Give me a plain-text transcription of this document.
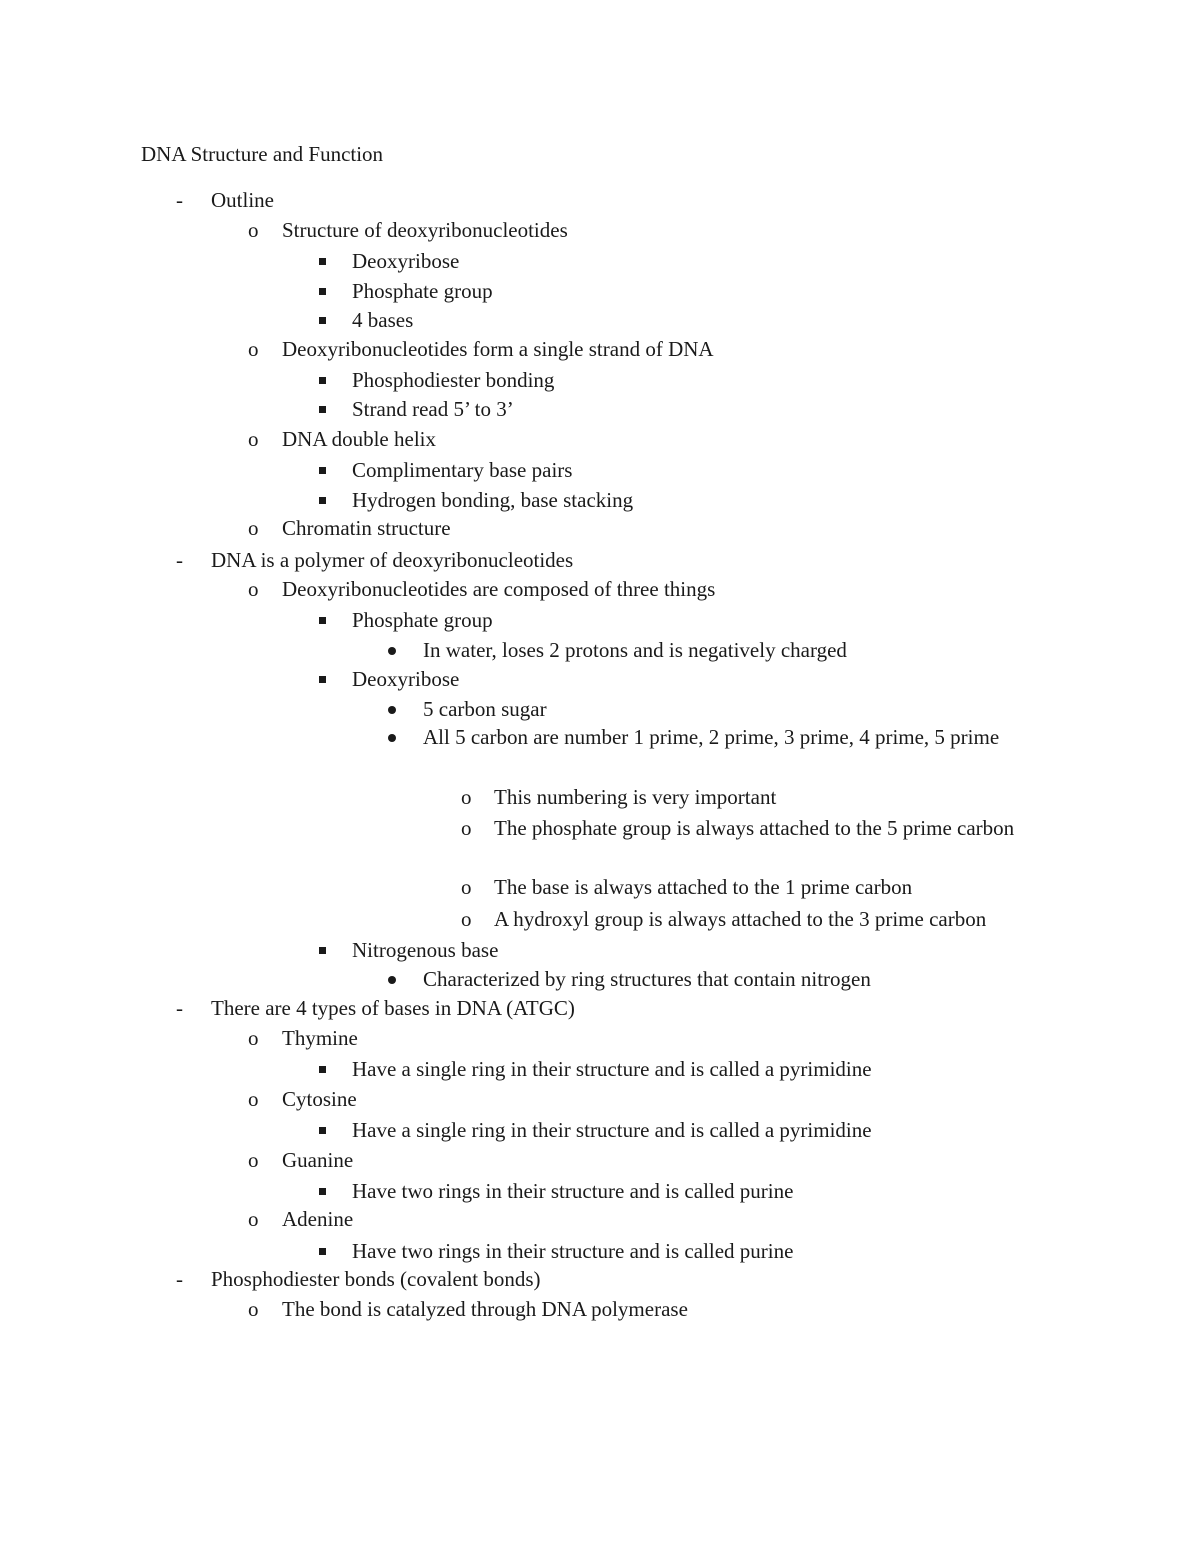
DNA Structure and Function
- Outline
o Structure of deoxyribonucleotides
Deoxyribose
Phosphate group
4 bases
o Deoxyribonucleotides form a single strand of DNA
Phosphodiester bonding
Strand read 5’ to 3’
o DNA double helix
Complimentary base pairs
Hydrogen bonding, base stacking
o Chromatin structure
- DNA is a polymer of deoxyribonucleotides
o Deoxyribonucleotides are composed of three things
Phosphate group
In water, loses 2 protons and is negatively charged
Deoxyribose
5 carbon sugar
All 5 carbon are number 1 prime, 2 prime, 3 prime, 4 prime, 5 prime
o This numbering is very important
o The phosphate group is always attached to the 5 prime carbon
o The base is always attached to the 1 prime carbon
o A hydroxyl group is always attached to the 3 prime carbon
Nitrogenous base
Characterized by ring structures that contain nitrogen
- There are 4 types of bases in DNA (ATGC)
o Thymine
Have a single ring in their structure and is called a pyrimidine
o Cytosine
Have a single ring in their structure and is called a pyrimidine
o Guanine
Have two rings in their structure and is called purine
o Adenine
Have two rings in their structure and is called purine
- Phosphodiester bonds (covalent bonds)
o The bond is catalyzed through DNA polymerase
